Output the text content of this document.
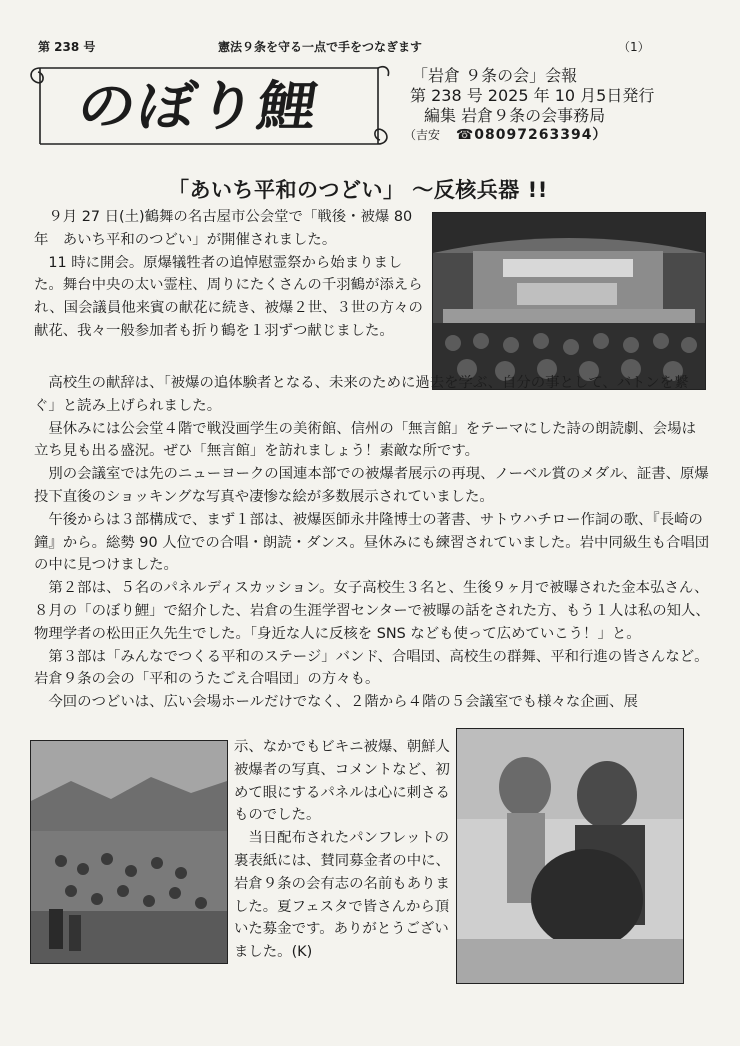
第 238 号	憲法９条を守る一点で手をつなぎます	（1）
のぼり鯉	「岩倉 ９条の会」会報
第 238 号 2025 年 10 月5日発行
編集 岩倉９条の会事務局
（吉安 ☎08097263394）
「あいち平和のつどい」 ～反核兵器 !!

　９月 27 日(土)鶴舞の名古屋市公会堂で「戦後・被爆 80 年　あいち平和のつどい」が開催されました。

　11 時に開会。原爆犠牲者の追悼慰霊祭から始まりました。舞台中央の太い霊柱、周りにたくさんの千羽鶴が添えられ、国会議員他来賓の献花に続き、被爆２世、３世の方々の献花、我々一般参加者も折り鶴を１羽ずつ献じました。

　高校生の献辞は、「被爆の追体験者となる、未来のために過去を学ぶ、自分の事として、バトンを繋ぐ」と読み上げられました。

　昼休みには公会堂４階で戦没画学生の美術館、信州の「無言館」をテーマにした詩の朗読劇、会場は立ち見も出る盛況。ぜひ「無言館」を訪れましょう！素敵な所です。

　別の会議室では先のニューヨークの国連本部での被爆者展示の再現、ノーベル賞のメダル、証書、原爆投下直後のショッキングな写真や凄惨な絵が多数展示されていました。

　午後からは３部構成で、まず１部は、被爆医師永井隆博士の著書、サトウハチロー作詞の歌、『長崎の鐘』から。総勢 90 人位での合唱・朗読・ダンス。昼休みにも練習されていました。岩中同級生も合唱団の中に見つけました。

　第２部は、５名のパネルディスカッション。女子高校生３名と、生後９ヶ月で被曝された金本弘さん、８月の「のぼり鯉」で紹介した、岩倉の生涯学習センターで被曝の話をされた方、もう１人は私の知人、物理学者の松田正久先生でした。「身近な人に反核を SNS なども使って広めていこう！」と。

　第３部は「みんなでつくる平和のステージ」バンド、合唱団、高校生の群舞、平和行進の皆さんなど。岩倉９条の会の「平和のうたごえ合唱団」の方々も。

　今回のつどいは、広い会場ホールだけでなく、２階から４階の５会議室でも様々な企画、展

示、なかでもビキニ被爆、朝鮮人被爆者の写真、コメントなど、初めて眼にするパネルは心に刺さるものでした。

　当日配布されたパンフレットの裏表紙には、賛同募金者の中に、岩倉９条の会有志の名前もありました。夏フェスタで皆さんから頂いた募金です。ありがとうございました。(K)
